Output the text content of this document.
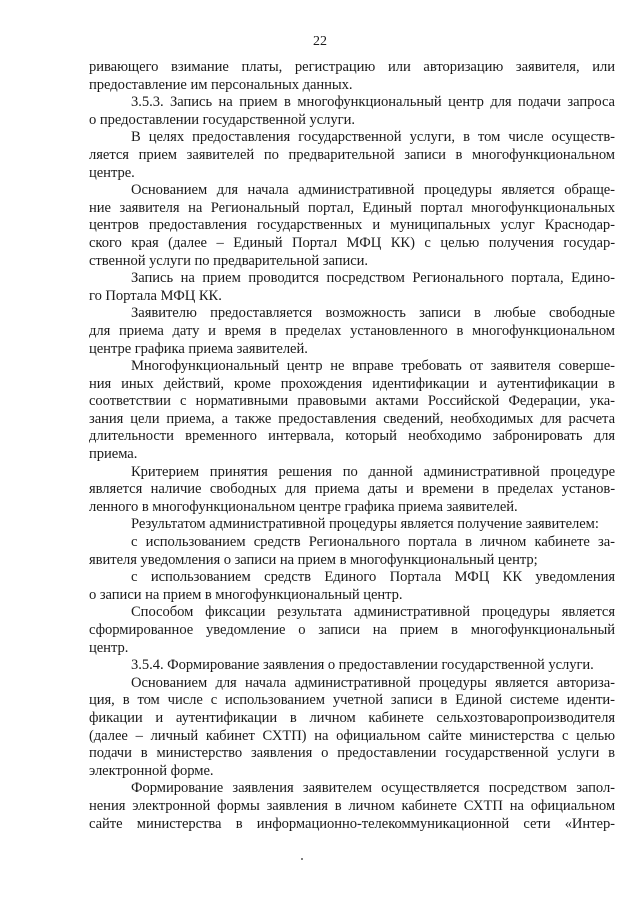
22
ривающего взимание платы, регистрацию или авторизацию заявителя, или
предоставление им персональных данных.
3.5.3. Запись на прием в многофункциональный центр для подачи запроса
о предоставлении государственной услуги.
В целях предоставления государственной услуги, в том числе осуществ-
ляется прием заявителей по предварительной записи в многофункциональном
центре.
Основанием для начала административной процедуры является обраще-
ние заявителя на Региональный портал, Единый портал многофункциональных
центров предоставления государственных и муниципальных услуг Краснодар-
ского края (далее – Единый Портал МФЦ КК) с целью получения государ-
ственной услуги по предварительной записи.
Запись на прием проводится посредством Регионального портала, Едино-
го Портала МФЦ КК.
Заявителю предоставляется возможность записи в любые свободные
для приема дату и время в пределах установленного в многофункциональном
центре графика приема заявителей.
Многофункциональный центр не вправе требовать от заявителя соверше-
ния иных действий, кроме прохождения идентификации и аутентификации в
соответствии с нормативными правовыми актами Российской Федерации, ука-
зания цели приема, а также предоставления сведений, необходимых для расчета
длительности временного интервала, который необходимо забронировать для
приема.
Критерием принятия решения по данной административной процедуре
является наличие свободных для приема даты и времени в пределах установ-
ленного в многофункциональном центре графика приема заявителей.
Результатом административной процедуры является получение заявителем:
с использованием средств Регионального портала в личном кабинете за-
явителя уведомления о записи на прием в многофункциональный центр;
с использованием средств Единого Портала МФЦ КК уведомления
о записи на прием в многофункциональный центр.
Способом фиксации результата административной процедуры является
сформированное уведомление о записи на прием в многофункциональный
центр.
3.5.4. Формирование заявления о предоставлении государственной услуги.
Основанием для начала административной процедуры является авториза-
ция, в том числе с использованием учетной записи в Единой системе иденти-
фикации и аутентификации в личном кабинете сельхозтоваропроизводителя
(далее – личный кабинет СХТП) на официальном сайте министерства с целью
подачи в министерство заявления о предоставлении государственной услуги в
электронной форме.
Формирование заявления заявителем осуществляется посредством запол-
нения электронной формы заявления в личном кабинете СХТП на официальном
сайте министерства в информационно-телекоммуникационной сети «Интер-
